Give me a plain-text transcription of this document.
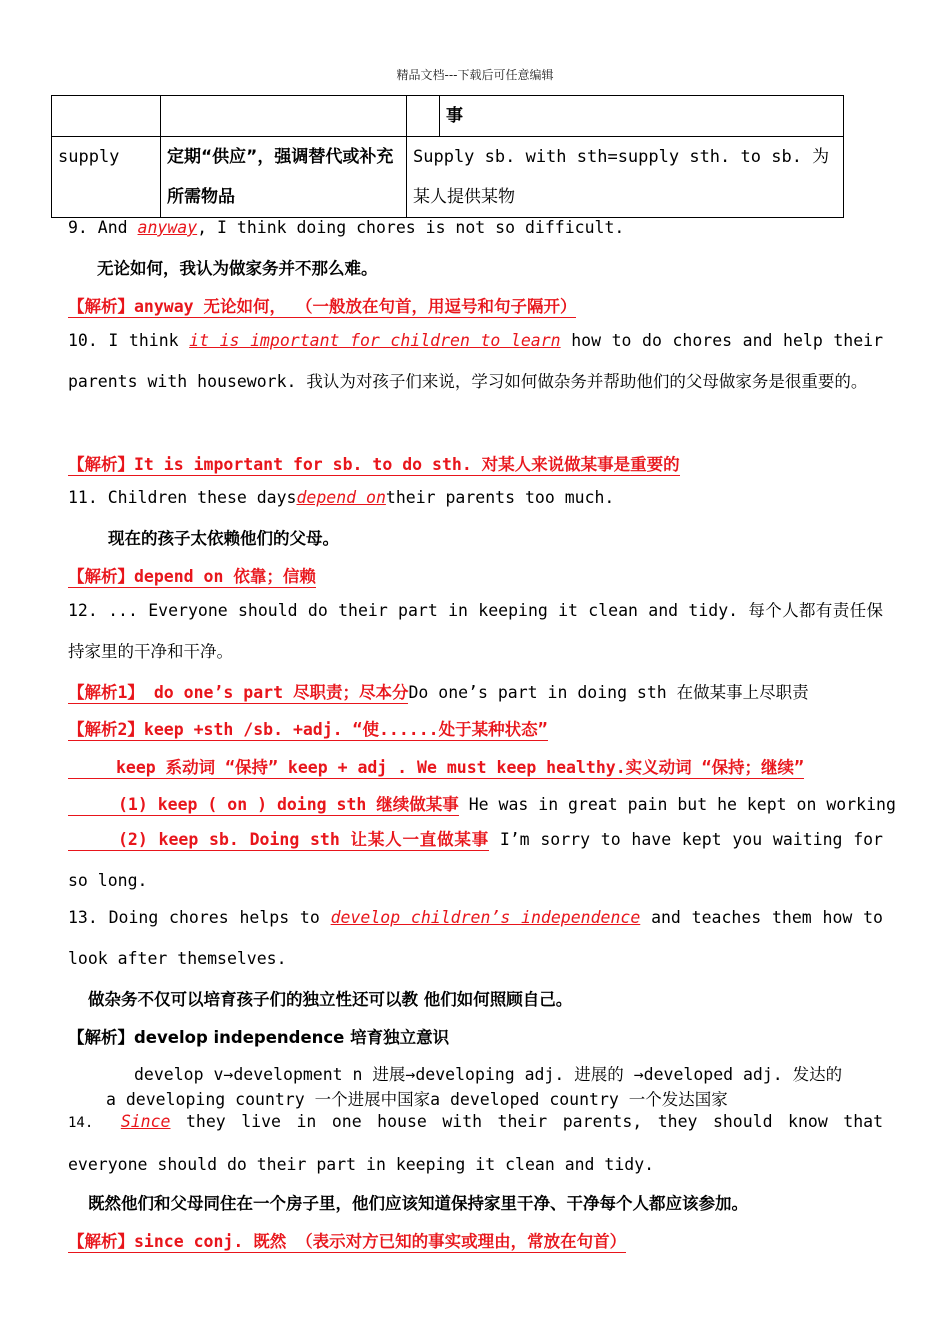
精品文档---下载后可任意编辑
			事
supply	定期“供应”，强调替代或补充所需物品	Supply sb. with sth=supply sth. to sb. 为某人提供某物	
9. And anyway, I think doing chores is not so difficult.
无论如何，我认为做家务并不那么难。
【解析】anyway 无论如何， （一般放在句首，用逗号和句子隔开）
10. I think it is important for children to learn how to do chores and help their parents with housework. 我认为对孩子们来说，学习如何做杂务并帮助他们的父母做家务是很重要的。
【解析】It is important for sb. to do sth. 对某人来说做某事是重要的
11. Children these daysdepend ontheir parents too much.
现在的孩子太依赖他们的父母。
【解析】depend on 依靠；信赖
12. ... Everyone should do their part in keeping it clean and tidy. 每个人都有责任保持家里的干净和干净。
【解析1】 do one’s part 尽职责；尽本分Do one’s part in doing sth 在做某事上尽职责
【解析2】keep +sth /sb. +adj. “使......处于某种状态”
keep 系动词 “保持” keep + adj . We must keep healthy.实义动词 “保持；继续”
(1) keep ( on ) doing sth 继续做某事 He was in great pain but he kept on working
(2) keep sb. Doing sth 让某人一直做某事 I’m sorry to have kept you waiting for so long.
13. Doing chores helps to develop children’s independence and teaches them how to look after themselves.
做杂务不仅可以培育孩子们的独立性还可以教 他们如何照顾自己。
【解析】develop independence 培育独立意识
develop v→development n 进展→developing adj. 进展的 →developed adj. 发达的
a developing country 一个进展中国家a developed country 一个发达国家
14. Since they live in one house with their parents, they should know that everyone should do their part in keeping it clean and tidy.
既然他们和父母同住在一个房子里，他们应该知道保持家里干净、干净每个人都应该参加。
【解析】since conj. 既然 （表示对方已知的事实或理由，常放在句首）
